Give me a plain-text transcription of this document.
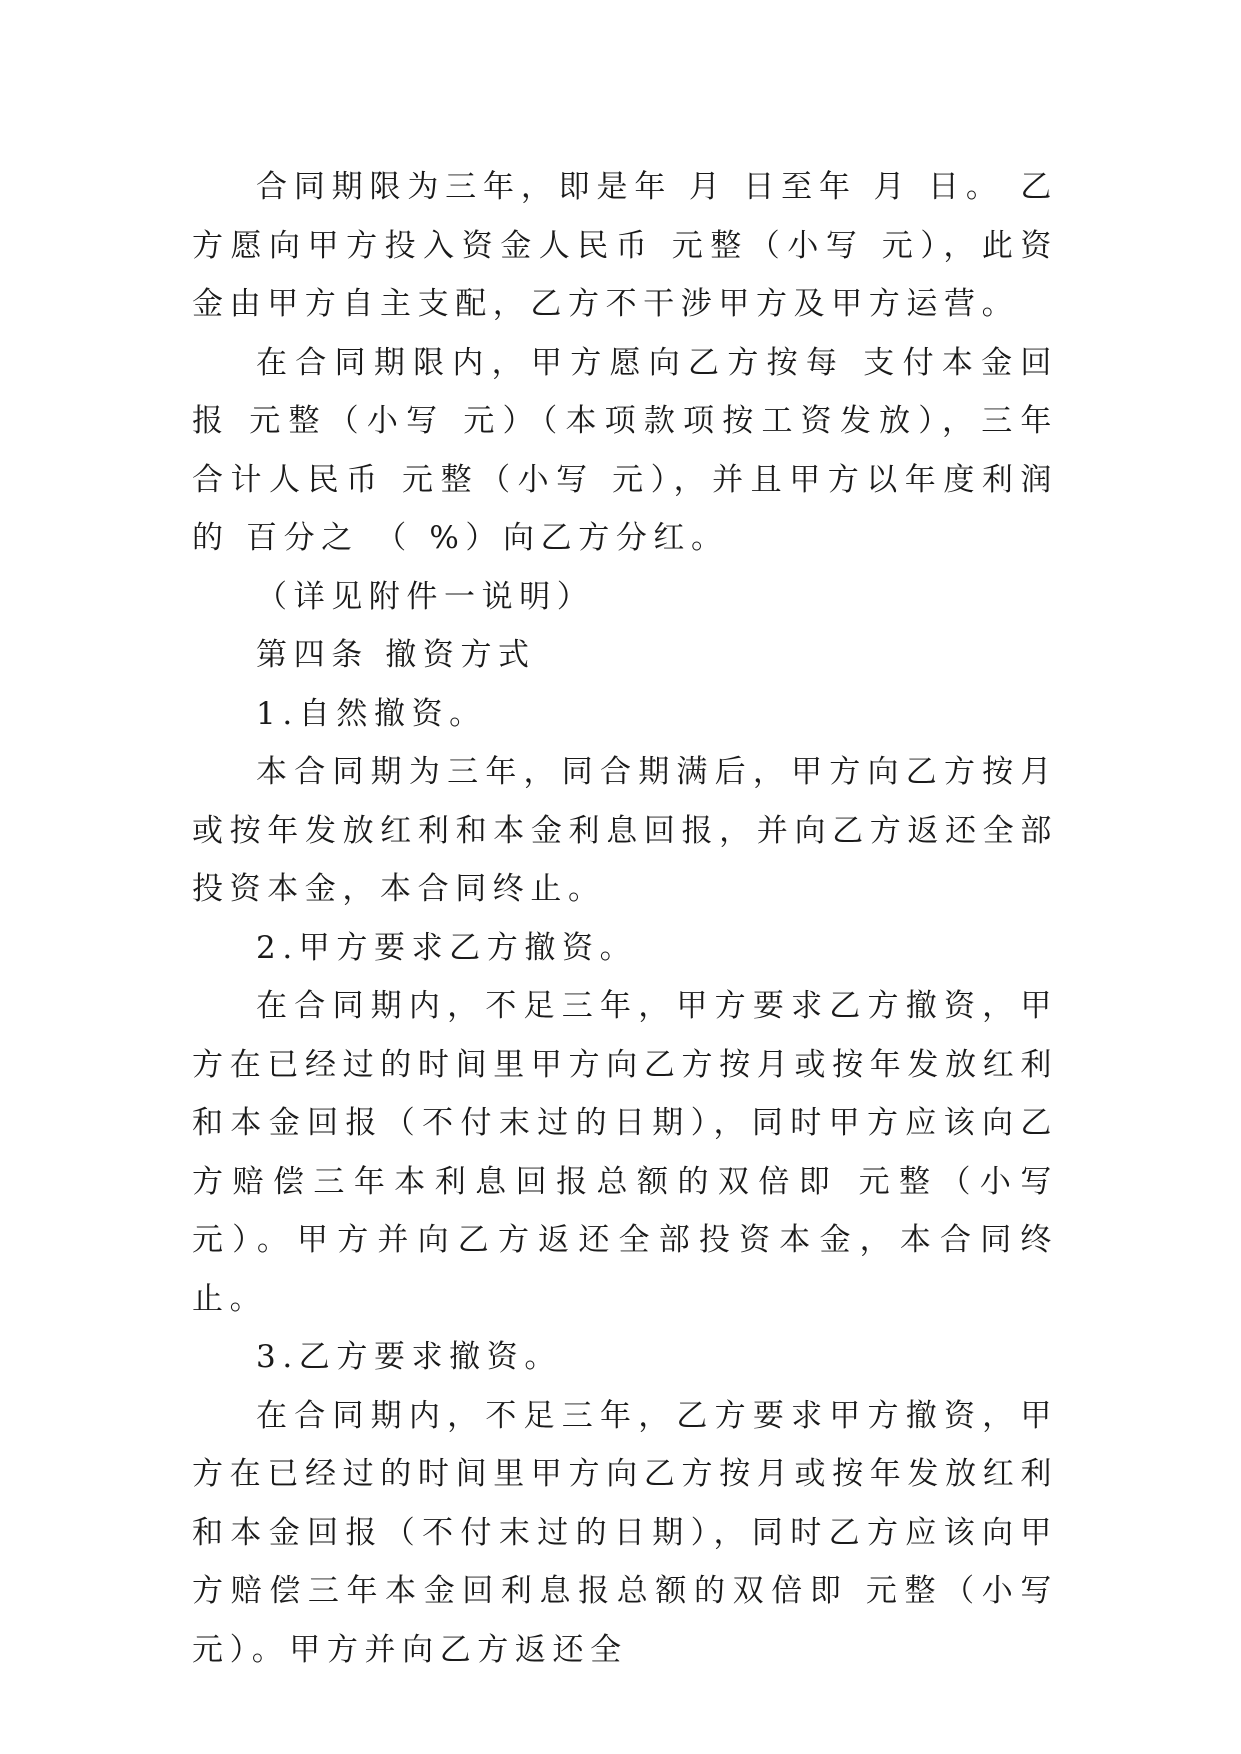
合同期限为三年，即是年 月 日至年 月 日。 乙方愿向甲方投入资金人民币 元整（小写 元），此资金由甲方自主支配，乙方不干涉甲方及甲方运营。

在合同期限内，甲方愿向乙方按每 支付本金回报 元整（小写 元）（本项款项按工资发放），三年合计人民币 元整（小写 元），并且甲方以年度利润的 百分之 （ %）向乙方分红。

（详见附件一说明）

第四条 撤资方式

1.自然撤资。

本合同期为三年，同合期满后，甲方向乙方按月或按年发放红利和本金利息回报，并向乙方返还全部投资本金，本合同终止。

2.甲方要求乙方撤资。

在合同期内，不足三年，甲方要求乙方撤资，甲方在已经过的时间里甲方向乙方按月或按年发放红利和本金回报（不付末过的日期），同时甲方应该向乙方赔偿三年本利息回报总额的双倍即 元整（小写元）。甲方并向乙方返还全部投资本金，本合同终止。

3.乙方要求撤资。

在合同期内，不足三年，乙方要求甲方撤资，甲方在已经过的时间里甲方向乙方按月或按年发放红利和本金回报（不付末过的日期），同时乙方应该向甲方赔偿三年本金回利息报总额的双倍即 元整（小写元）。甲方并向乙方返还全
